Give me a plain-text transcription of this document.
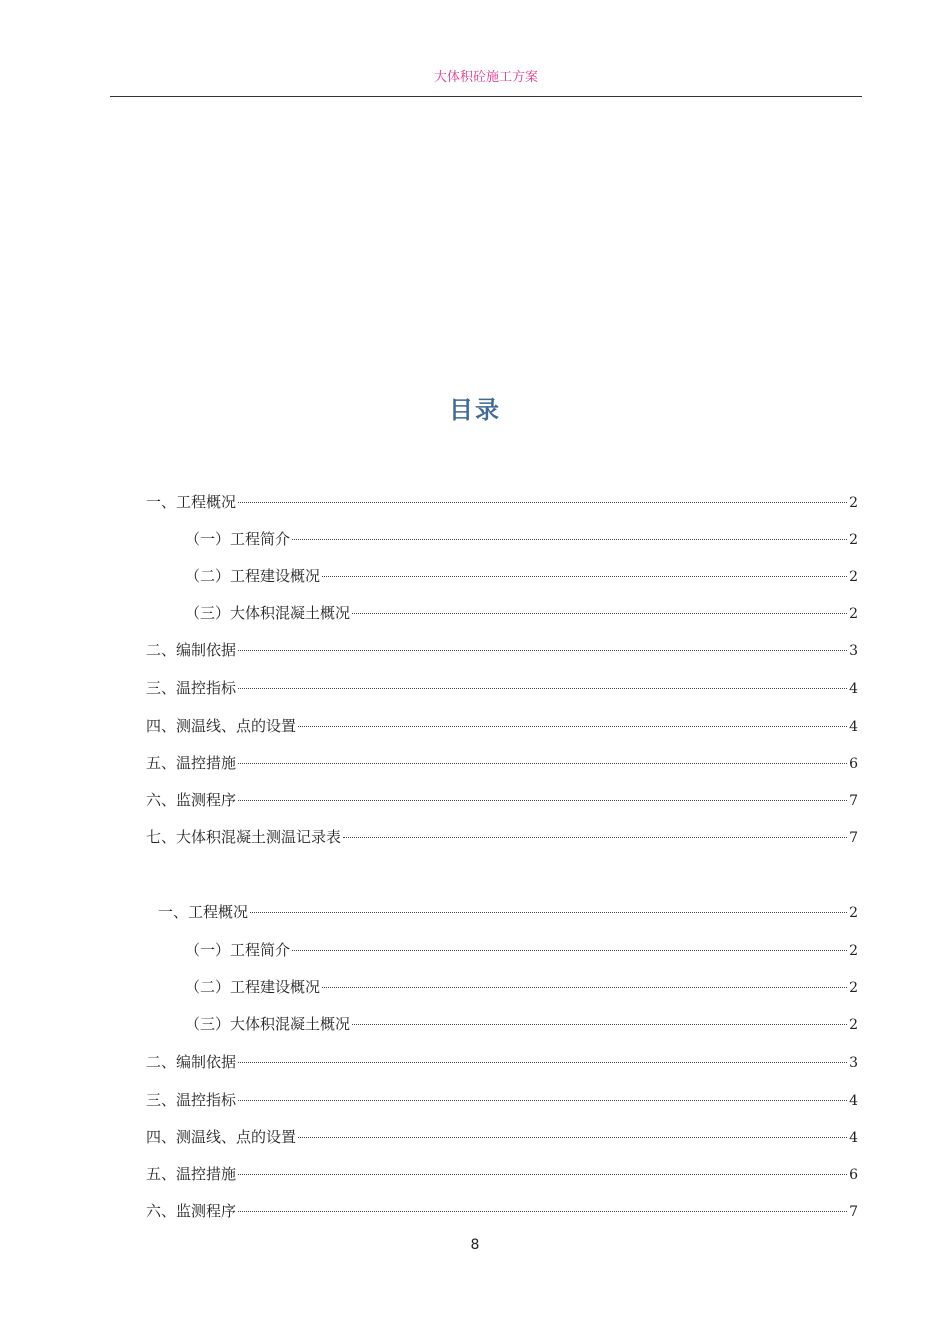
大体积砼施工方案
目录
一、工程概况	2
（一）工程简介	2
（二）工程建设概况	2
（三）大体积混凝土概况	2
二、编制依据	3
三、温控指标	4
四、测温线、点的设置	4
五、温控措施	6
六、监测程序	7
七、大体积混凝土测温记录表	7
一、工程概况	2
（一）工程简介	2
（二）工程建设概况	2
（三）大体积混凝土概况	2
二、编制依据	3
三、温控指标	4
四、测温线、点的设置	4
五、温控措施	6
六、监测程序	7
8
